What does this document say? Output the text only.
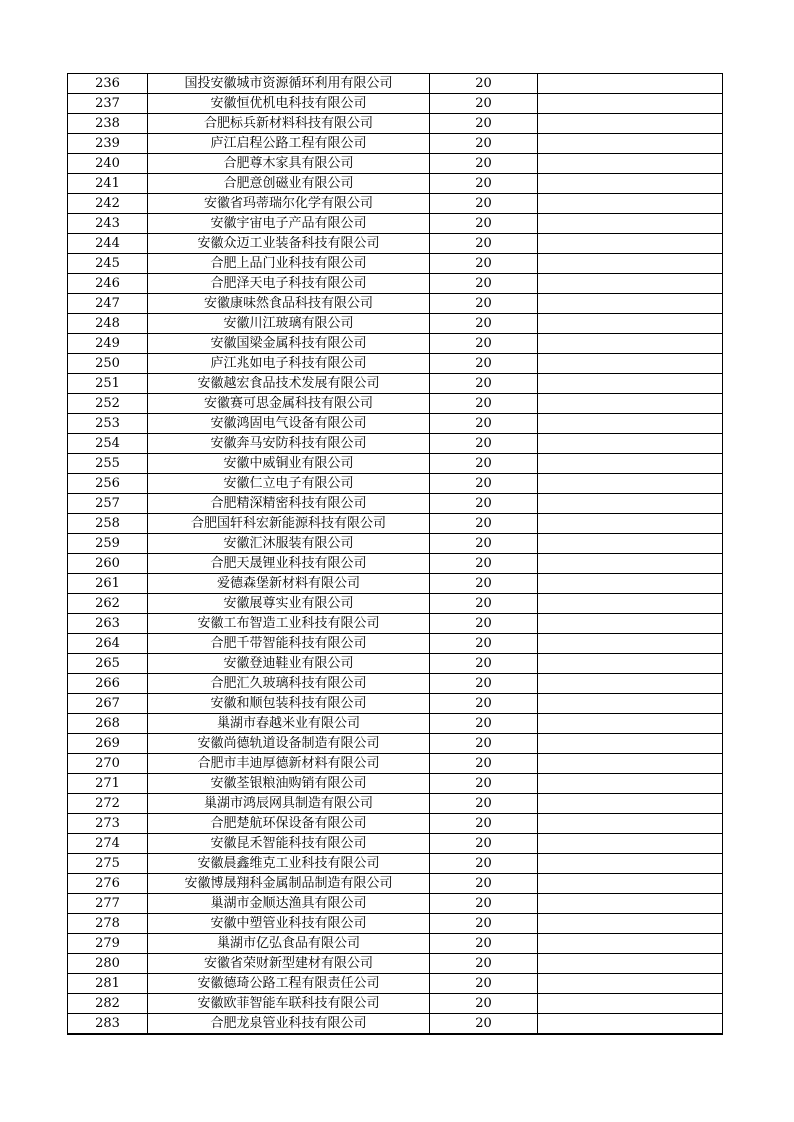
236	国投安徽城市资源循环利用有限公司	20	
237	安徽恒优机电科技有限公司	20	
238	合肥标兵新材料科技有限公司	20	
239	庐江启程公路工程有限公司	20	
240	合肥尊木家具有限公司	20	
241	合肥意创磁业有限公司	20	
242	安徽省玛蒂瑞尔化学有限公司	20	
243	安徽宇宙电子产品有限公司	20	
244	安徽众迈工业装备科技有限公司	20	
245	合肥上品门业科技有限公司	20	
246	合肥泽天电子科技有限公司	20	
247	安徽康味然食品科技有限公司	20	
248	安徽川江玻璃有限公司	20	
249	安徽国梁金属科技有限公司	20	
250	庐江兆如电子科技有限公司	20	
251	安徽越宏食品技术发展有限公司	20	
252	安徽赛可思金属科技有限公司	20	
253	安徽鸿固电气设备有限公司	20	
254	安徽奔马安防科技有限公司	20	
255	安徽中威铜业有限公司	20	
256	安徽仁立电子有限公司	20	
257	合肥精深精密科技有限公司	20	
258	合肥国轩科宏新能源科技有限公司	20	
259	安徽汇沐服装有限公司	20	
260	合肥天晟锂业科技有限公司	20	
261	爱德森堡新材料有限公司	20	
262	安徽展尊实业有限公司	20	
263	安徽工布智造工业科技有限公司	20	
264	合肥千带智能科技有限公司	20	
265	安徽登迪鞋业有限公司	20	
266	合肥汇久玻璃科技有限公司	20	
267	安徽和顺包装科技有限公司	20	
268	巢湖市春越米业有限公司	20	
269	安徽尚德轨道设备制造有限公司	20	
270	合肥市丰迪厚德新材料有限公司	20	
271	安徽荃银粮油购销有限公司	20	
272	巢湖市鸿辰网具制造有限公司	20	
273	合肥楚航环保设备有限公司	20	
274	安徽昆禾智能科技有限公司	20	
275	安徽晨鑫维克工业科技有限公司	20	
276	安徽博晟翔科金属制品制造有限公司	20	
277	巢湖市金顺达渔具有限公司	20	
278	安徽中塑管业科技有限公司	20	
279	巢湖市亿弘食品有限公司	20	
280	安徽省荣财新型建材有限公司	20	
281	安徽德琦公路工程有限责任公司	20	
282	安徽欧菲智能车联科技有限公司	20	
283	合肥龙泉管业科技有限公司	20	
